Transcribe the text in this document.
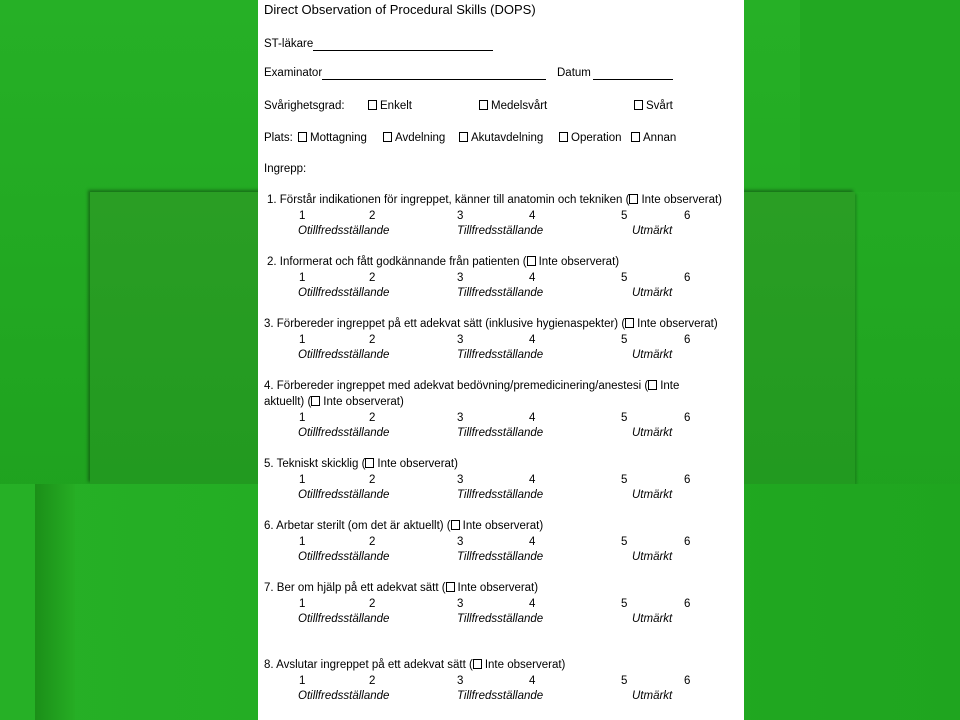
Direct Observation of Procedural Skills (DOPS)
ST-läkare
Examinator	Datum
Svårighetsgrad:	Enkelt	Medelsvårt	Svårt
Plats:	Mottagning	Avdelning	Akutavdelning	Operation	Annan
Ingrepp:
1. Förstår indikationen för ingreppet, känner till anatomin och tekniken ( Inte observerat)
1	2	3	4	5	6
Otillfredsställande	Tillfredsställande	Utmärkt
2. Informerat och fått godkännande från patienten ( Inte observerat)
1	2	3	4	5	6
Otillfredsställande	Tillfredsställande	Utmärkt
3. Förbereder ingreppet på ett adekvat sätt (inklusive hygienaspekter) ( Inte observerat)
1	2	3	4	5	6
Otillfredsställande	Tillfredsställande	Utmärkt
4. Förbereder ingreppet med adekvat bedövning/premedicinering/anestesi ( Inte
aktuellt) ( Inte observerat)
1	2	3	4	5	6
Otillfredsställande	Tillfredsställande	Utmärkt
5. Tekniskt skicklig ( Inte observerat)
1	2	3	4	5	6
Otillfredsställande	Tillfredsställande	Utmärkt
6. Arbetar sterilt (om det är aktuellt) ( Inte observerat)
1	2	3	4	5	6
Otillfredsställande	Tillfredsställande	Utmärkt
7. Ber om hjälp på ett adekvat sätt ( Inte observerat)
1	2	3	4	5	6
Otillfredsställande	Tillfredsställande	Utmärkt
8. Avslutar ingreppet på ett adekvat sätt ( Inte observerat)
1	2	3	4	5	6
Otillfredsställande	Tillfredsställande	Utmärkt
